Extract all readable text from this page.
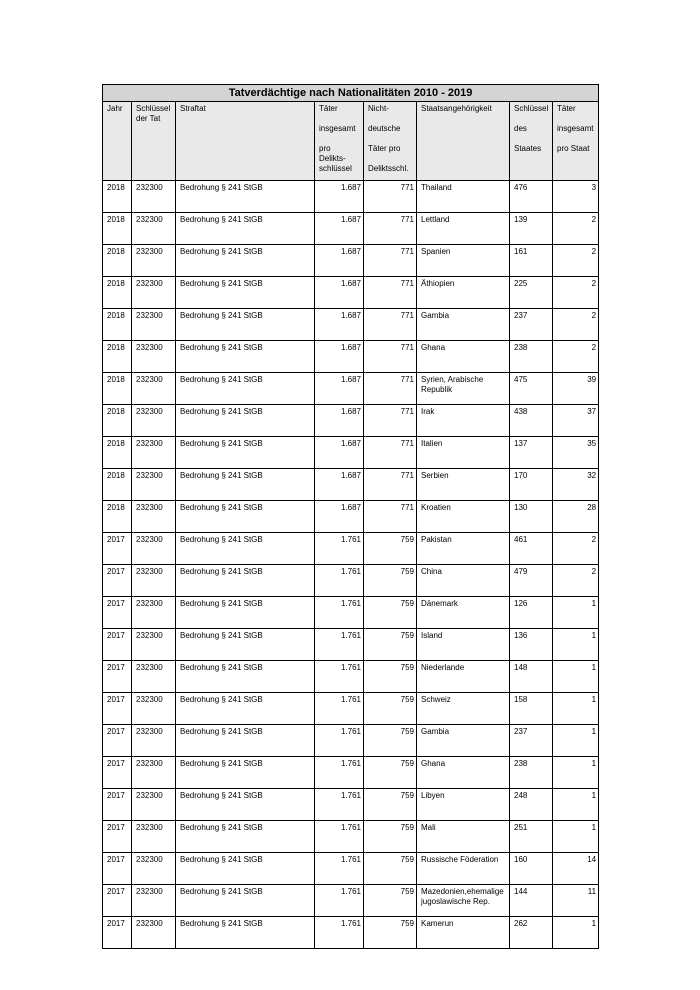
Tatverdächtige nach Nationalitäten 2010 - 2019							

Jahr	Schlüssel der Tat	Straftat	Täter
insgesamt
pro
Delikts-
schlüssel	Nicht-
deutsche
Täter pro
Deliktsschl.	Staatsangehörigkeit	Schlüssel
des
Staates	Täter
insgesamt
pro Staat

2018	232300	Bedrohung § 241 StGB	1.687	771	Thailand	476	3
2018	232300	Bedrohung § 241 StGB	1.687	771	Lettland	139	2
2018	232300	Bedrohung § 241 StGB	1.687	771	Spanien	161	2
2018	232300	Bedrohung § 241 StGB	1.687	771	Äthiopien	225	2
2018	232300	Bedrohung § 241 StGB	1.687	771	Gambia	237	2
2018	232300	Bedrohung § 241 StGB	1.687	771	Ghana	238	2
2018	232300	Bedrohung § 241 StGB	1.687	771	Syrien, Arabische Republik	475	39
2018	232300	Bedrohung § 241 StGB	1.687	771	Irak	438	37
2018	232300	Bedrohung § 241 StGB	1.687	771	Italien	137	35
2018	232300	Bedrohung § 241 StGB	1.687	771	Serbien	170	32
2018	232300	Bedrohung § 241 StGB	1.687	771	Kroatien	130	28
2017	232300	Bedrohung § 241 StGB	1.761	759	Pakistan	461	2
2017	232300	Bedrohung § 241 StGB	1.761	759	China	479	2
2017	232300	Bedrohung § 241 StGB	1.761	759	Dänemark	126	1
2017	232300	Bedrohung § 241 StGB	1.761	759	Island	136	1
2017	232300	Bedrohung § 241 StGB	1.761	759	Niederlande	148	1
2017	232300	Bedrohung § 241 StGB	1.761	759	Schweiz	158	1
2017	232300	Bedrohung § 241 StGB	1.761	759	Gambia	237	1
2017	232300	Bedrohung § 241 StGB	1.761	759	Ghana	238	1
2017	232300	Bedrohung § 241 StGB	1.761	759	Libyen	248	1
2017	232300	Bedrohung § 241 StGB	1.761	759	Mali	251	1
2017	232300	Bedrohung § 241 StGB	1.761	759	Russische Föderation	160	14
2017	232300	Bedrohung § 241 StGB	1.761	759	Mazedonien,ehemalige jugoslawische Rep.	144	11
2017	232300	Bedrohung § 241 StGB	1.761	759	Kamerun	262	1
